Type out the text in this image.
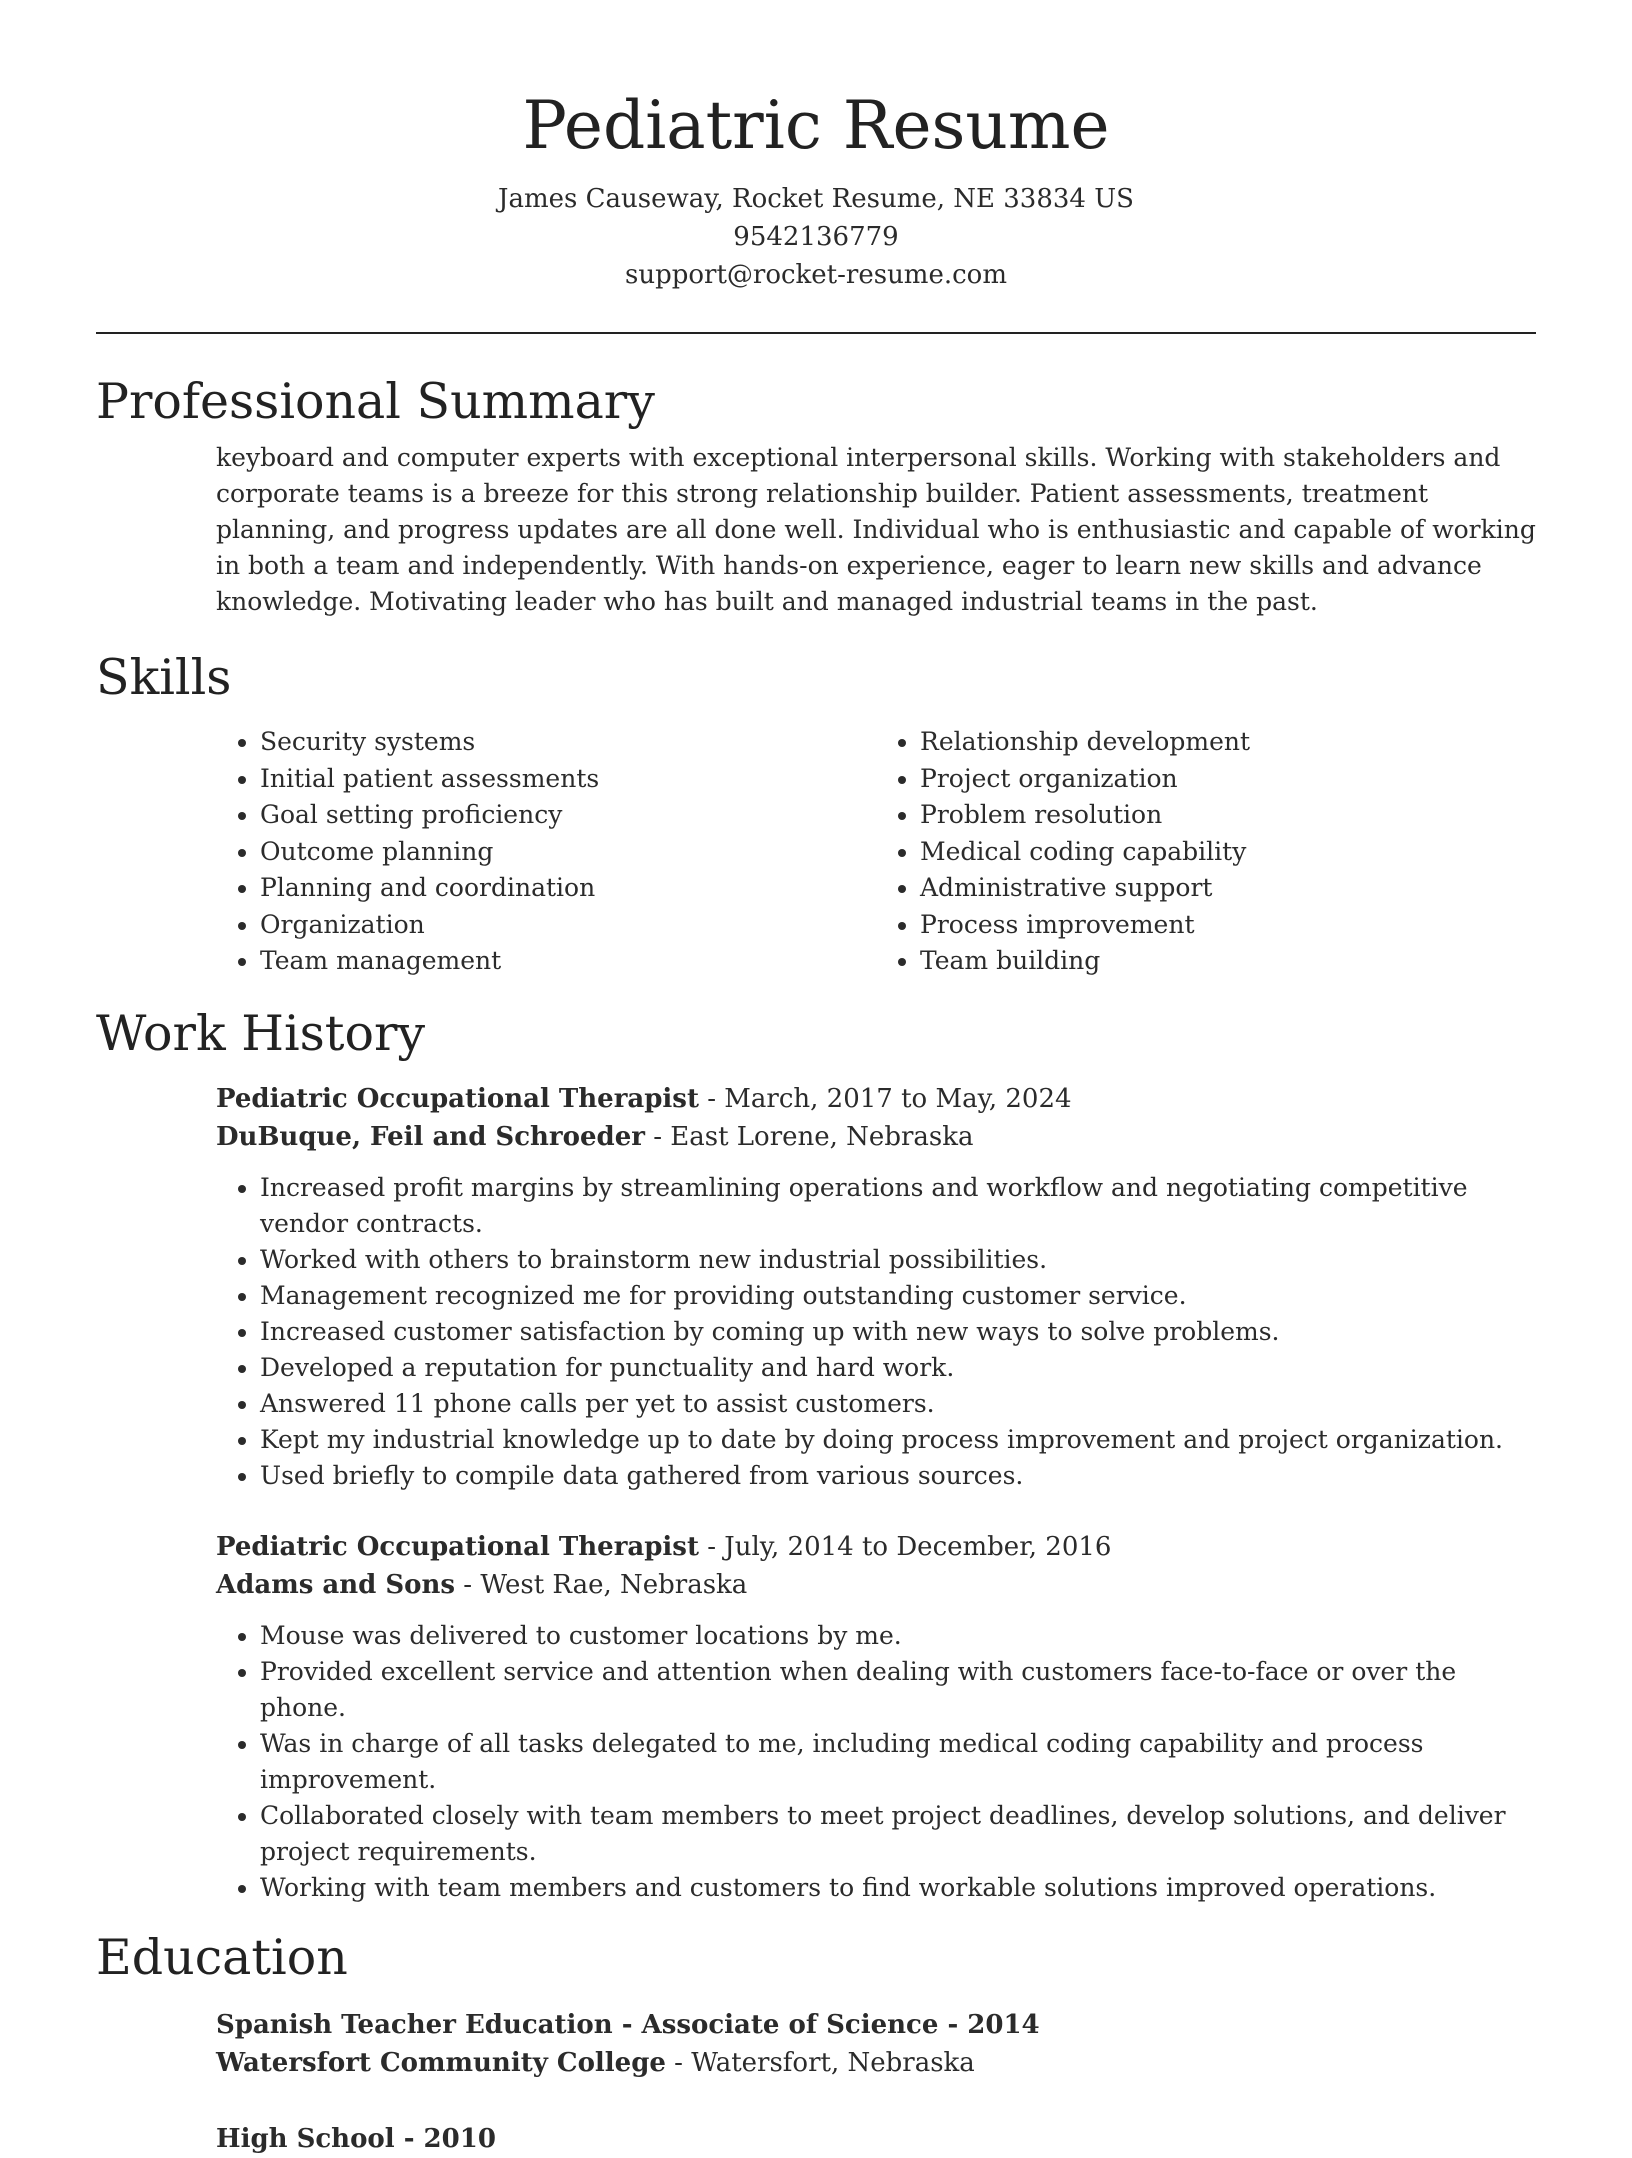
Pediatric Resume
James Causeway, Rocket Resume, NE 33834 US
9542136779
support@rocket-resume.com
Professional Summary

keyboard and computer experts with exceptional interpersonal skills. Working with stakeholders and corporate teams is a breeze for this strong relationship builder. Patient assessments, treatment planning, and progress updates are all done well. Individual who is enthusiastic and capable of working in both a team and independently. With hands-on experience, eager to learn new skills and advance knowledge. Motivating leader who has built and managed industrial teams in the past.

Skills
• Security systems
• Initial patient assessments
• Goal setting proficiency
• Outcome planning
• Planning and coordination
• Organization
• Team management
• Relationship development
• Project organization
• Problem resolution
• Medical coding capability
• Administrative support
• Process improvement
• Team building
Work History
Pediatric Occupational Therapist - March, 2017 to May, 2024
DuBuque, Feil and Schroeder - East Lorene, Nebraska
• Increased profit margins by streamlining operations and workflow and negotiating competitive vendor contracts.
• Worked with others to brainstorm new industrial possibilities.
• Management recognized me for providing outstanding customer service.
• Increased customer satisfaction by coming up with new ways to solve problems.
• Developed a reputation for punctuality and hard work.
• Answered 11 phone calls per yet to assist customers.
• Kept my industrial knowledge up to date by doing process improvement and project organization.
• Used briefly to compile data gathered from various sources.
Pediatric Occupational Therapist - July, 2014 to December, 2016
Adams and Sons - West Rae, Nebraska
• Mouse was delivered to customer locations by me.
• Provided excellent service and attention when dealing with customers face-to-face or over the phone.
• Was in charge of all tasks delegated to me, including medical coding capability and process improvement.
• Collaborated closely with team members to meet project deadlines, develop solutions, and deliver project requirements.
• Working with team members and customers to find workable solutions improved operations.
Education
Spanish Teacher Education - Associate of Science - 2014
Watersfort Community College - Watersfort, Nebraska
High School - 2010
